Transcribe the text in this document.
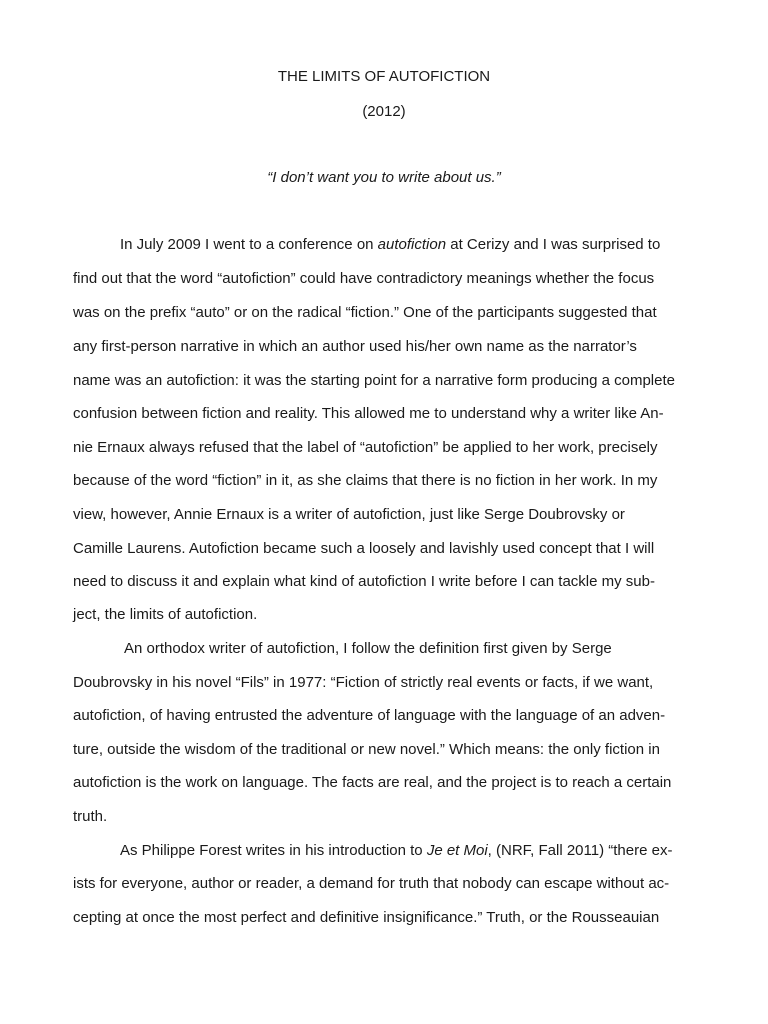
THE LIMITS OF AUTOFICTION
(2012)
“I don’t want you to write about us.”
In July 2009 I went to a conference on autofiction at Cerizy and I was surprised to
find out that the word “autofiction” could have contradictory meanings whether the focus
was on the prefix “auto” or on the radical “fiction.” One of the participants suggested that
any first-person narrative in which an author used his/her own name as the narrator’s
name was an autofiction: it was the starting point for a narrative form producing a complete
confusion between fiction and reality. This allowed me to understand why a writer like An-
nie Ernaux always refused that the label of “autofiction” be applied to her work, precisely
because of the word “fiction” in it, as she claims that there is no fiction in her work. In my
view, however, Annie Ernaux is a writer of autofiction, just like Serge Doubrovsky or
Camille Laurens. Autofiction became such a loosely and lavishly used concept that I will
need to discuss it and explain what kind of autofiction I write before I can tackle my sub-
ject, the limits of autofiction.
An orthodox writer of autofiction, I follow the definition first given by Serge
Doubrovsky in his novel “Fils” in 1977: “Fiction of strictly real events or facts, if we want,
autofiction, of having entrusted the adventure of language with the language of an adven-
ture, outside the wisdom of the traditional or new novel.” Which means: the only fiction in
autofiction is the work on language. The facts are real, and the project is to reach a certain
truth.
As Philippe Forest writes in his introduction to Je et Moi, (NRF, Fall 2011) “there ex-
ists for everyone, author or reader, a demand for truth that nobody can escape without ac-
cepting at once the most perfect and definitive insignificance.” Truth, or the Rousseauian
